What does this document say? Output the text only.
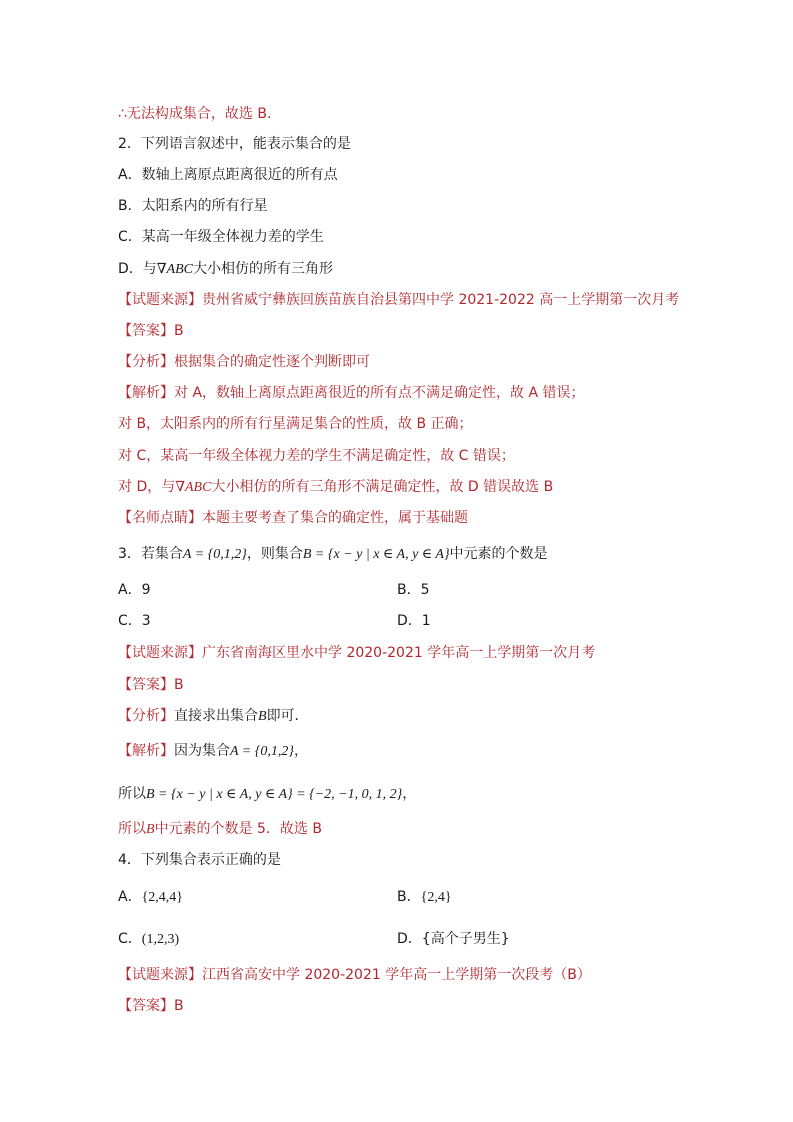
∴无法构成集合，故选 B．
2．下列语言叙述中，能表示集合的是
A．数轴上离原点距离很近的所有点
B．太阳系内的所有行星
C．某高一年级全体视力差的学生
D．与∇ABC大小相仿的所有三角形
【试题来源】贵州省威宁彝族回族苗族自治县第四中学 2021-2022 高一上学期第一次月考
【答案】B
【分析】根据集合的确定性逐个判断即可
【解析】对 A，数轴上离原点距离很近的所有点不满足确定性，故 A 错误；
对 B，太阳系内的所有行星满足集合的性质，故 B 正确；
对 C，某高一年级全体视力差的学生不满足确定性，故 C 错误；
对 D，与∇ABC大小相仿的所有三角形不满足确定性，故 D 错误故选 B
【名师点睛】本题主要考查了集合的确定性，属于基础题
3．若集合A = {0,1,2}，则集合B = {x − y | x ∈ A, y ∈ A}中元素的个数是
A．9	B．5
C．3	D．1
【试题来源】广东省南海区里水中学 2020-2021 学年高一上学期第一次月考
【答案】B
【分析】直接求出集合B即可．
【解析】因为集合A = {0,1,2}，
所以B = {x − y | x ∈ A, y ∈ A} = {−2, −1, 0, 1, 2}，
所以B中元素的个数是 5．故选 B
4．下列集合表示正确的是
A．{2,4,4}	B．{2,4}
C．(1,2,3)	D．{高个子男生}
【试题来源】江西省高安中学 2020-2021 学年高一上学期第一次段考（B）
【答案】B
